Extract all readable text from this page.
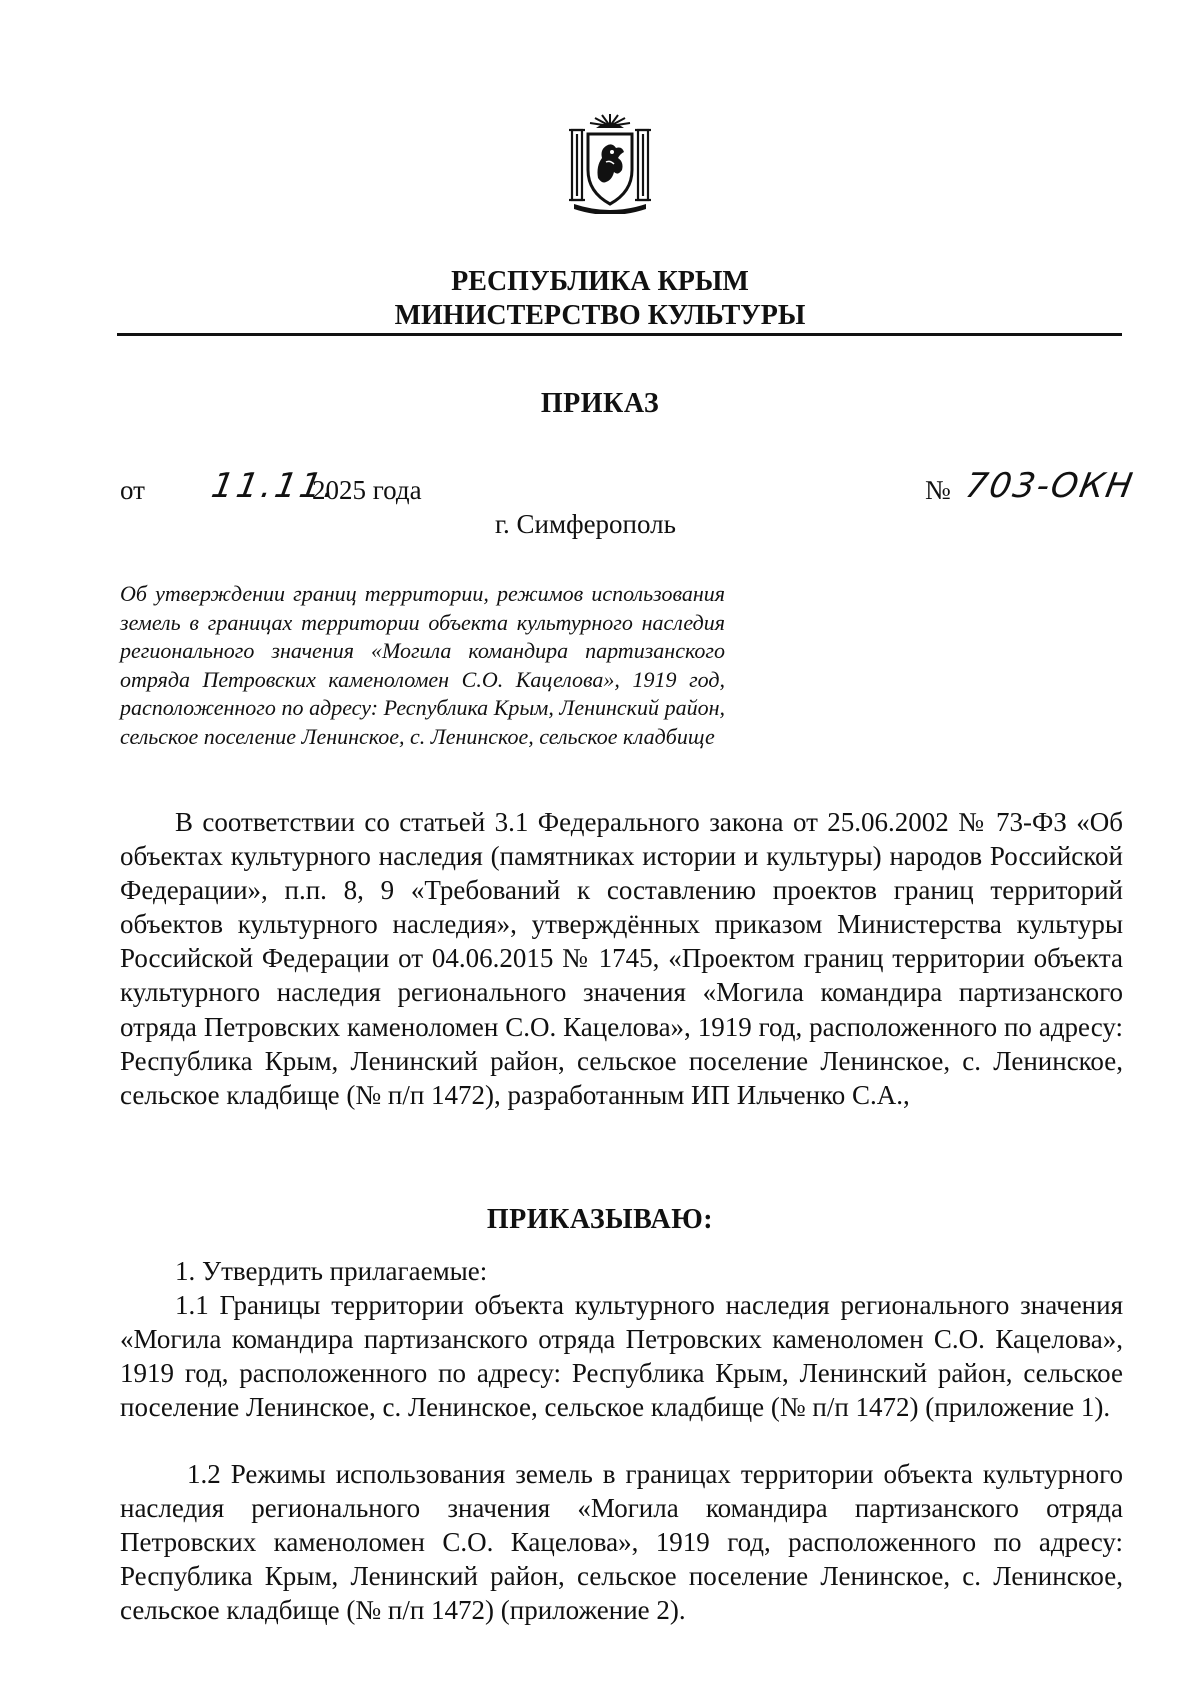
РЕСПУБЛИКА КРЫМ
МИНИСТЕРСТВО КУЛЬТУРЫ
ПРИКАЗ
от 11.11.
2025 года	№ 703-ОКН
г. Симферополь
Об утверждении границ территории, режимов использования земель в границах территории объекта культурного наследия регионального значения «Могила командира партизанского отряда Петровских каменоломен С.О. Кацелова», 1919 год, расположенного по адресу: Республика Крым, Ленинский район, сельское поселение Ленинское, с. Ленинское, сельское кладбище
В соответствии со статьей 3.1 Федерального закона от 25.06.2002 № 73-ФЗ «Об объектах культурного наследия (памятниках истории и культуры) народов Российской Федерации», п.п. 8, 9 «Требований к составлению проектов границ территорий объектов культурного наследия», утверждённых приказом Министерства культуры Российской Федерации от 04.06.2015 № 1745, «Проектом границ территории объекта культурного наследия регионального значения «Могила командира партизанского отряда Петровских каменоломен С.О. Кацелова», 1919 год, расположенного по адресу: Республика Крым, Ленинский район, сельское поселение Ленинское, с. Ленинское, сельское кладбище (№ п/п 1472), разработанным ИП Ильченко С.А.,
ПРИКАЗЫВАЮ:
1. Утвердить прилагаемые:
1.1 Границы территории объекта культурного наследия регионального значения «Могила командира партизанского отряда Петровских каменоломен С.О. Кацелова», 1919 год, расположенного по адресу: Республика Крым, Ленинский район, сельское поселение Ленинское, с. Ленинское, сельское кладбище (№ п/п 1472) (приложение 1).
1.2 Режимы использования земель в границах территории объекта культурного наследия регионального значения «Могила командира партизанского отряда Петровских каменоломен С.О. Кацелова», 1919 год, расположенного по адресу: Республика Крым, Ленинский район, сельское поселение Ленинское, с. Ленинское, сельское кладбище (№ п/п 1472) (приложение 2).
